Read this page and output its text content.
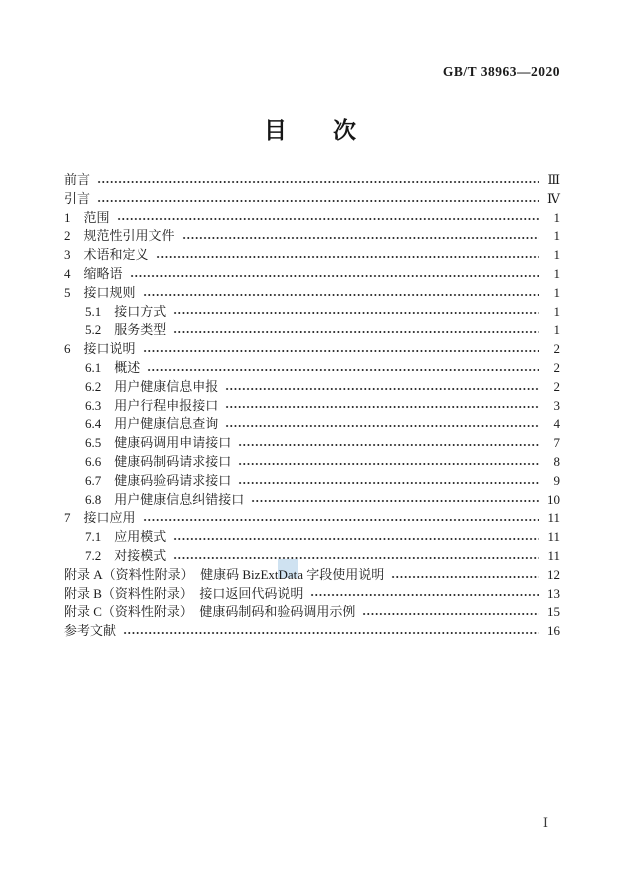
GB/T 38963—2020
目　　次
前言	Ⅲ
引言	Ⅳ
1　范围	1
2　规范性引用文件	1
3　术语和定义	1
4　缩略语	1
5　接口规则	1
5.1　接口方式	1
5.2　服务类型	1
6　接口说明	2
6.1　概述	2
6.2　用户健康信息申报	2
6.3　用户行程申报接口	3
6.4　用户健康信息查询	4
6.5　健康码调用申请接口	7
6.6　健康码制码请求接口	8
6.7　健康码验码请求接口	9
6.8　用户健康信息纠错接口	10
7　接口应用	11
7.1　应用模式	11
7.2　对接模式	11
附录 A（资料性附录）　健康码 BizExtData 字段使用说明	12
附录 B（资料性附录）　接口返回代码说明	13
附录 C（资料性附录）　健康码制码和验码调用示例	15
参考文献	16
Ⅰ
